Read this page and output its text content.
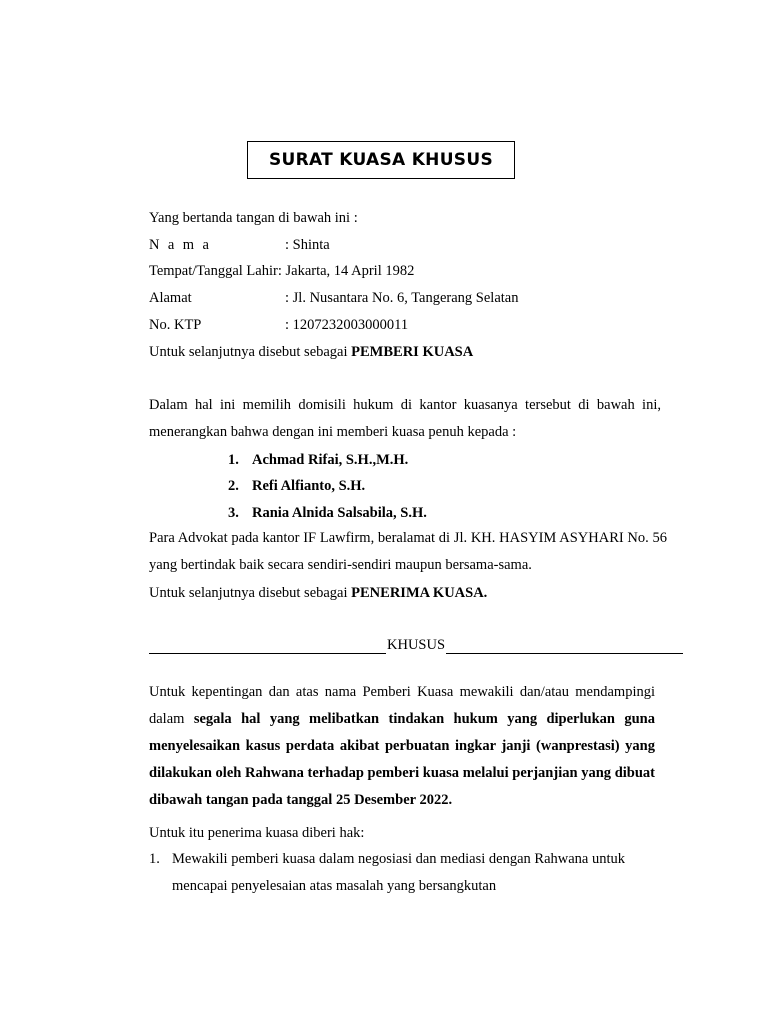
SURAT KUASA KHUSUS
Yang bertanda tangan di bawah ini :
N a m a	: Shinta
Tempat/Tanggal Lahir: Jakarta, 14 April 1982
Alamat	: Jl. Nusantara No. 6, Tangerang Selatan
No. KTP	: 1207232003000011
Untuk selanjutnya disebut sebagai PEMBERI KUASA
Dalam hal ini memilih domisili hukum di kantor kuasanya tersebut di bawah ini, menerangkan bahwa dengan ini memberi kuasa penuh kepada :
1. Achmad Rifai, S.H.,M.H.
2. Refi Alfianto, S.H.
3. Rania Alnida Salsabila, S.H.
Para Advokat pada kantor IF Lawfirm, beralamat di Jl. KH. HASYIM ASYHARI No. 56 yang bertindak baik secara sendiri-sendiri maupun bersama-sama.
Untuk selanjutnya disebut sebagai PENERIMA KUASA.
KHUSUS
Untuk kepentingan dan atas nama Pemberi Kuasa mewakili dan/atau mendampingi dalam segala hal yang melibatkan tindakan hukum yang diperlukan guna menyelesaikan kasus perdata akibat perbuatan ingkar janji (wanprestasi) yang dilakukan oleh Rahwana terhadap pemberi kuasa melalui perjanjian yang dibuat dibawah tangan pada tanggal 25 Desember 2022.
Untuk itu penerima kuasa diberi hak:
1. Mewakili pemberi kuasa dalam negosiasi dan mediasi dengan Rahwana untuk mencapai penyelesaian atas masalah yang bersangkutan
